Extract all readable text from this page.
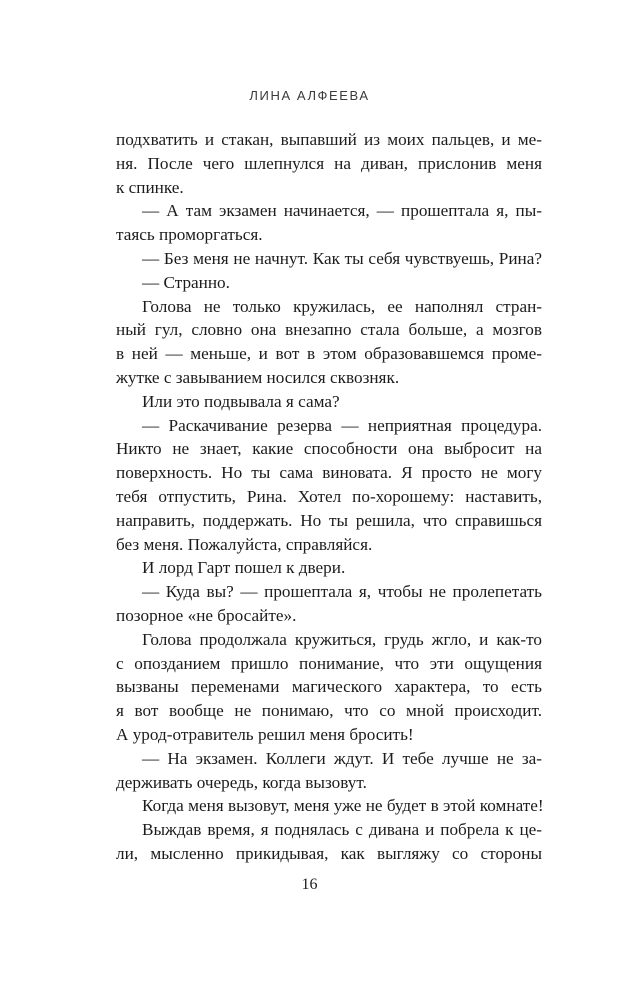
ЛИНА АЛФЕЕВА
подхватить и стакан, выпавший из моих пальцев, и ме-
ня. После чего шлепнулся на диван, прислонив меня
к спинке.
— А там экзамен начинается, — прошептала я, пы-
таясь проморгаться.
— Без меня не начнут. Как ты себя чувствуешь, Рина?
— Странно.
Голова не только кружилась, ее наполнял стран-
ный гул, словно она внезапно стала больше, а мозгов
в ней — меньше, и вот в этом образовавшемся проме-
жутке с завыванием носился сквозняк.
Или это подвывала я сама?
— Раскачивание резерва — неприятная процедура.
Никто не знает, какие способности она выбросит на
поверхность. Но ты сама виновата. Я просто не могу
тебя отпустить, Рина. Хотел по-хорошему: наставить,
направить, поддержать. Но ты решила, что справишься
без меня. Пожалуйста, справляйся.
И лорд Гарт пошел к двери.
— Куда вы? — прошептала я, чтобы не пролепетать
позорное «не бросайте».
Голова продолжала кружиться, грудь жгло, и как-то
с опозданием пришло понимание, что эти ощущения
вызваны переменами магического характера, то есть
я вот вообще не понимаю, что со мной происходит.
А урод-отравитель решил меня бросить!
— На экзамен. Коллеги ждут. И тебе лучше не за-
держивать очередь, когда вызовут.
Когда меня вызовут, меня уже не будет в этой комнате!
Выждав время, я поднялась с дивана и побрела к це-
ли, мысленно прикидывая, как выгляжу со стороны
16
